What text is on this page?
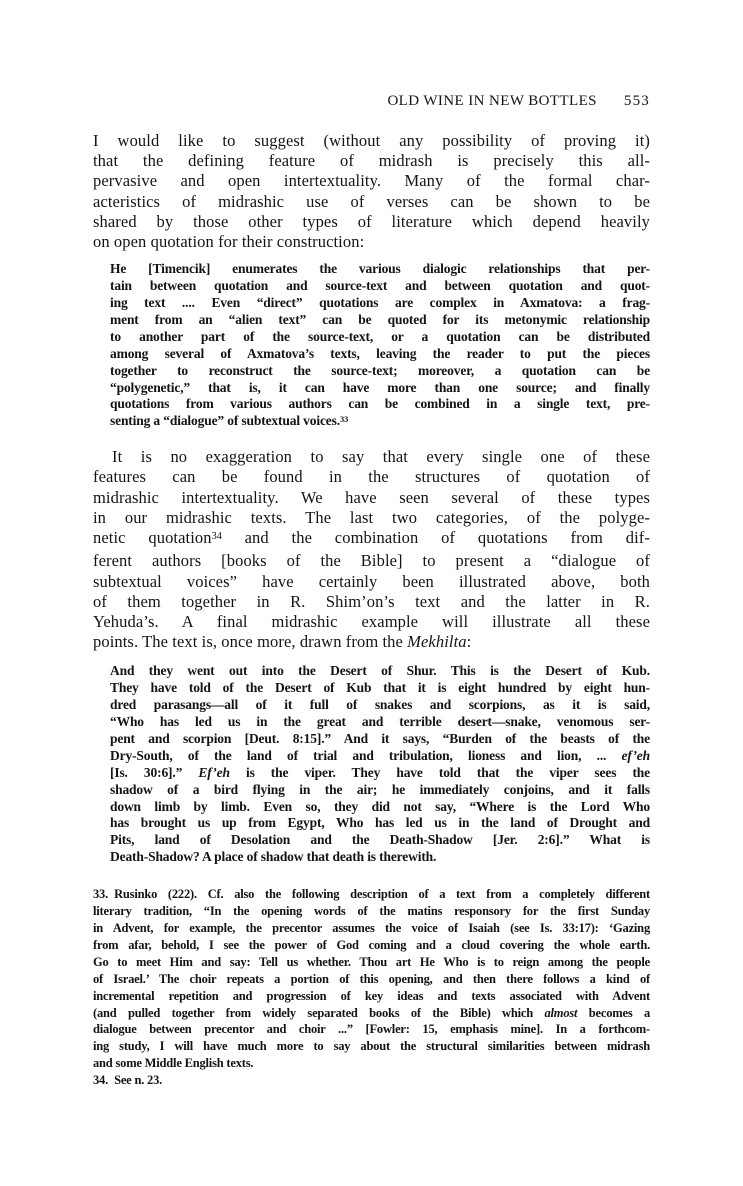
OLD WINE IN NEW BOTTLES 553
I would like to suggest (without any possibility of proving it)
that the defining feature of midrash is precisely this all-
pervasive and open intertextuality. Many of the formal char-
acteristics of midrashic use of verses can be shown to be
shared by those other types of literature which depend heavily
on open quotation for their construction:
He [Timencik] enumerates the various dialogic relationships that per-
tain between quotation and source-text and between quotation and quot-
ing text .... Even “direct” quotations are complex in Axmatova: a frag-
ment from an “alien text” can be quoted for its metonymic relationship
to another part of the source-text, or a quotation can be distributed
among several of Axmatova’s texts, leaving the reader to put the pieces
together to reconstruct the source-text; moreover, a quotation can be
“polygenetic,” that is, it can have more than one source; and finally
quotations from various authors can be combined in a single text, pre-
senting a “dialogue” of subtextual voices.$^{33}$
It is no exaggeration to say that every single one of these
features can be found in the structures of quotation of
midrashic intertextuality. We have seen several of these types
in our midrashic texts. The last two categories, of the polyge-
netic quotation$^{34}$ and the combination of quotations from dif-
ferent authors [books of the Bible] to present a “dialogue of
subtextual voices” have certainly been illustrated above, both
of them together in R. Shim’on’s text and the latter in R.
Yehuda’s. A final midrashic example will illustrate all these
points. The text is, once more, drawn from the Mekhilta:
And they went out into the Desert of Shur. This is the Desert of Kub.
They have told of the Desert of Kub that it is eight hundred by eight hun-
dred parasangs—all of it full of snakes and scorpions, as it is said,
“Who has led us in the great and terrible desert—snake, venomous ser-
pent and scorpion [Deut. 8:15].” And it says, “Burden of the beasts of the
Dry-South, of the land of trial and tribulation, lioness and lion, ... ef’eh
[Is. 30:6].” Ef’eh is the viper. They have told that the viper sees the
shadow of a bird flying in the air; he immediately conjoins, and it falls
down limb by limb. Even so, they did not say, “Where is the Lord Who
has brought us up from Egypt, Who has led us in the land of Drought and
Pits, land of Desolation and the Death-Shadow [Jer. 2:6].” What is
Death-Shadow? A place of shadow that death is therewith.
33. Rusinko (222). Cf. also the following description of a text from a completely different
literary tradition, “In the opening words of the matins responsory for the first Sunday
in Advent, for example, the precentor assumes the voice of Isaiah (see Is. 33:17): ‘Gazing
from afar, behold, I see the power of God coming and a cloud covering the whole earth.
Go to meet Him and say: Tell us whether. Thou art He Who is to reign among the people
of Israel.’ The choir repeats a portion of this opening, and then there follows a kind of
incremental repetition and progression of key ideas and texts associated with Advent
(and pulled together from widely separated books of the Bible) which almost becomes a
dialogue between precentor and choir ...” [Fowler: 15, emphasis mine]. In a forthcom-
ing study, I will have much more to say about the structural similarities between midrash
and some Middle English texts.
34. See n. 23.
